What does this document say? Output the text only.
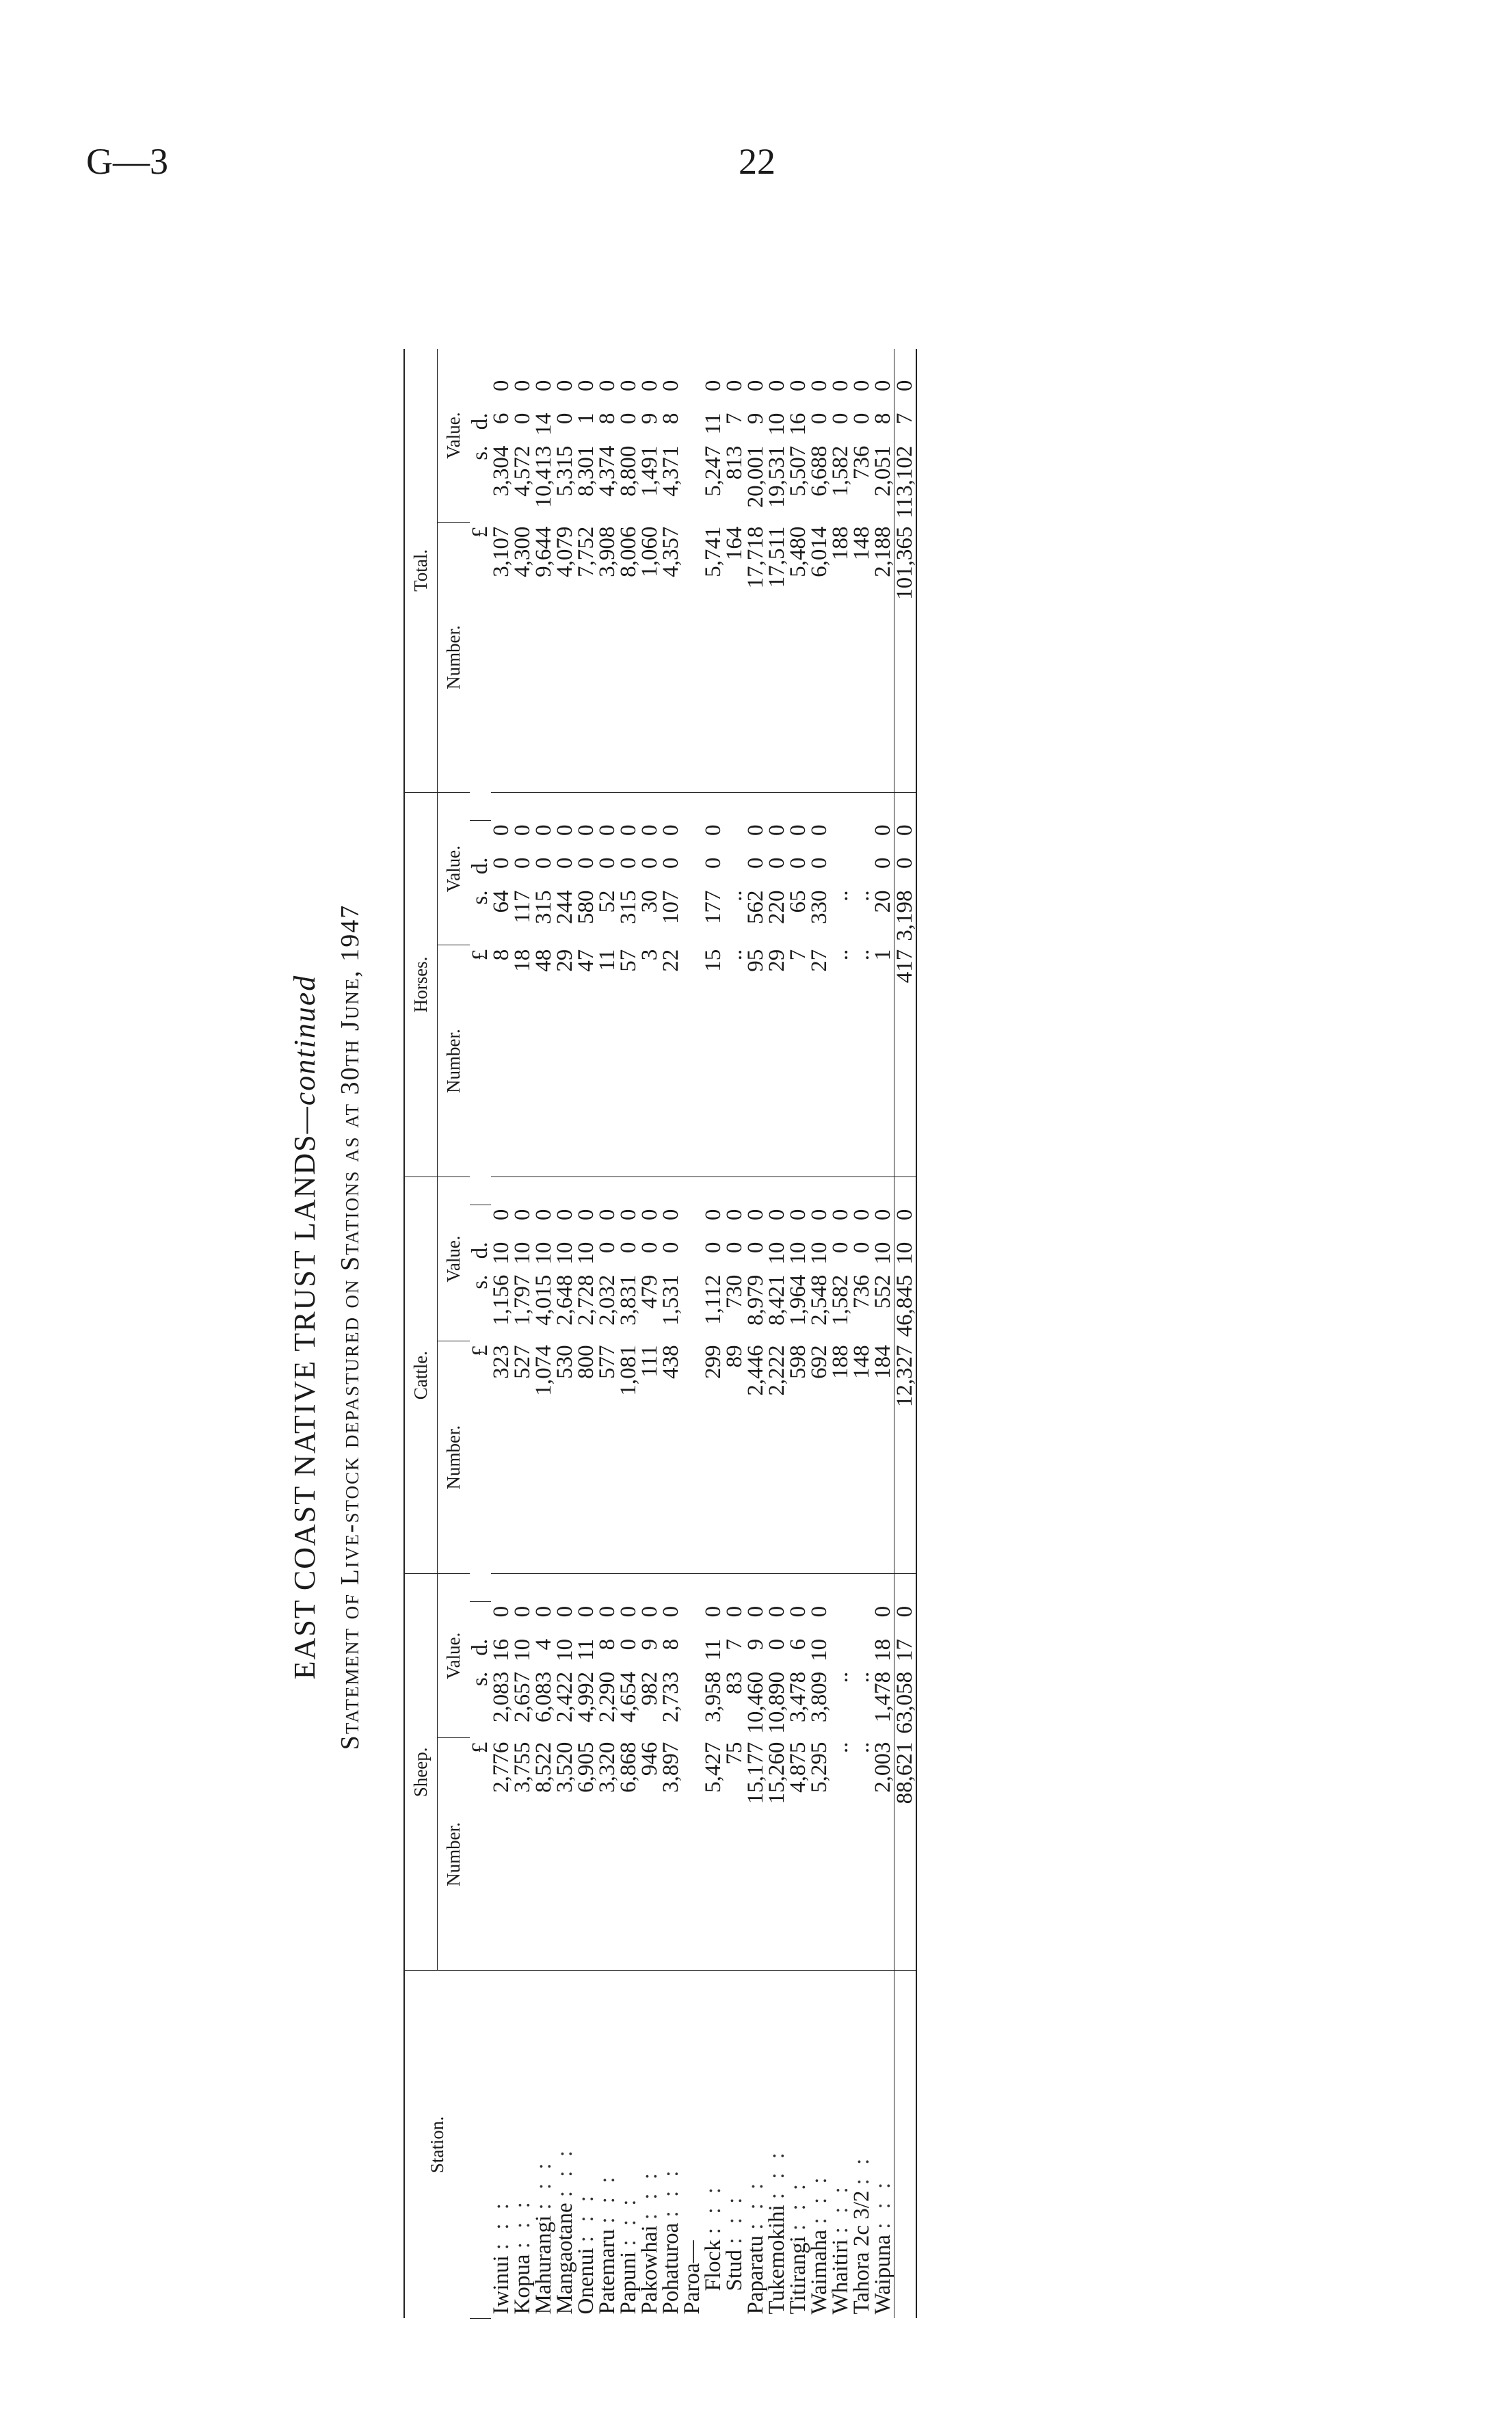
G—3	22
EAST COAST NATIVE TRUST LANDS—continued Statement of Live-stock depastured on Stations as at 30th June, 1947
Station.	Sheep.					Cattle.					Horses.					Total.				
	Number.	Value.				Number.	Value.				Number.	Value.				Number.	Value.			
	£	s.	d.			£	s.	d.			£	s.	d.			£	s.	d.		
Iwinui : : :	2,776	2,083	16	0		323	1,156	10	0		8	64	0	0		3,107	3,304	6	0	
Kopua : : :	3,755	2,657	10	0		527	1,797	10	0		18	117	0	0		4,300	4,572	0	0	
Mahurangi : : :	8,522	6,083	4	0		1,074	4,015	10	0		48	315	0	0		9,644	10,413	14	0	
Mangaotane : : :	3,520	2,422	10	0		530	2,648	10	0		29	244	0	0		4,079	5,315	0	0	
Onenui : : :	6,905	4,992	11	0		800	2,728	10	0		47	580	0	0		7,752	8,301	1	0	
Patemaru : : :	3,320	2,290	8	0		577	2,032	0	0		11	52	0	0		3,908	4,374	8	0	
Papuni : : :	6,868	4,654	0	0		1,081	3,831	0	0		57	315	0	0		8,006	8,800	0	0	
Pakowhai : : :	946	982	9	0		111	479	0	0		3	30	0	0		1,060	1,491	9	0	
Pohaturoa : : :	3,897	2,733	8	0		438	1,531	0	0		22	107	0	0		4,357	4,371	8	0	
Paroa—																				
Flock : : :	5,427	3,958	11	0		299	1,112	0	0		15	177	0	0		5,741	5,247	11	0	
Stud : : :	75	83	7	0		89	730	0	0		..	..				164	813	7	0	
Paparatu : : :	15,177	10,460	9	0		2,446	8,979	0	0		95	562	0	0		17,718	20,001	9	0	
Tukemokihi : : :	15,260	10,890	0	0		2,222	8,421	10	0		29	220	0	0		17,511	19,531	10	0	
Titirangi : : :	4,875	3,478	6	0		598	1,964	10	0		7	65	0	0		5,480	5,507	16	0	
Waimaha : : :	5,295	3,809	10	0		692	2,548	10	0		27	330	0	0		6,014	6,688	0	0	
Whaitiri : : :	..	..				188	1,582	0	0		..	..				188	1,582	0	0	
Tahora 2c 3/2 : :	..	..				148	736	0	0		..	..				148	736	0	0	
Waipuna : : :	2,003	1,478	18	0		184	552	10	0		1	20	0	0		2,188	2,051	8	0	
	88,621	63,058	17	0		12,327	46,845	10	0		417	3,198	0	0		101,365	113,102	7	0	
